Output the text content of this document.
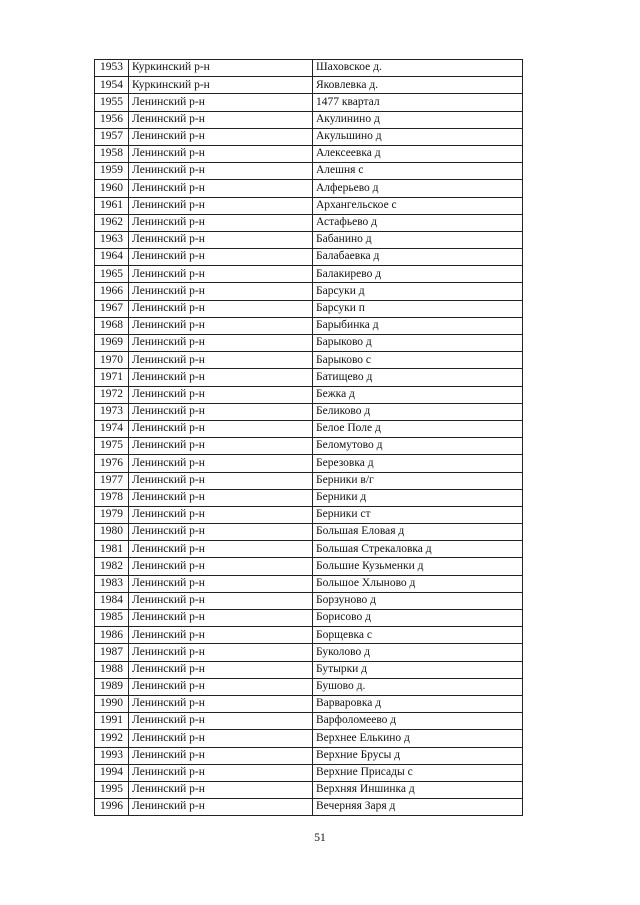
1953	Куркинский р-н	Шаховское д.
1954	Куркинский р-н	Яковлевка д.
1955	Ленинский р-н	1477 квартал
1956	Ленинский р-н	Акулинино д
1957	Ленинский р-н	Акульшино д
1958	Ленинский р-н	Алексеевка д
1959	Ленинский р-н	Алешня с
1960	Ленинский р-н	Алферьево д
1961	Ленинский р-н	Архангельское с
1962	Ленинский р-н	Астафьево д
1963	Ленинский р-н	Бабанино д
1964	Ленинский р-н	Балабаевка д
1965	Ленинский р-н	Балакирево д
1966	Ленинский р-н	Барсуки д
1967	Ленинский р-н	Барсуки п
1968	Ленинский р-н	Барыбинка д
1969	Ленинский р-н	Барыково д
1970	Ленинский р-н	Барыково с
1971	Ленинский р-н	Батищево д
1972	Ленинский р-н	Бежка д
1973	Ленинский р-н	Беликово д
1974	Ленинский р-н	Белое Поле д
1975	Ленинский р-н	Беломутово д
1976	Ленинский р-н	Березовка д
1977	Ленинский р-н	Берники в/г
1978	Ленинский р-н	Берники д
1979	Ленинский р-н	Берники ст
1980	Ленинский р-н	Большая Еловая д
1981	Ленинский р-н	Большая Стрекаловка д
1982	Ленинский р-н	Большие Кузьменки д
1983	Ленинский р-н	Большое Хлыново д
1984	Ленинский р-н	Борзуново д
1985	Ленинский р-н	Борисово д
1986	Ленинский р-н	Борщевка с
1987	Ленинский р-н	Буколово д
1988	Ленинский р-н	Бутырки д
1989	Ленинский р-н	Бушово д.
1990	Ленинский р-н	Варваровка д
1991	Ленинский р-н	Варфоломеево д
1992	Ленинский р-н	Верхнее Елькино д
1993	Ленинский р-н	Верхние Брусы д
1994	Ленинский р-н	Верхние Присады с
1995	Ленинский р-н	Верхняя Иншинка д
1996	Ленинский р-н	Вечерняя Заря д
51
